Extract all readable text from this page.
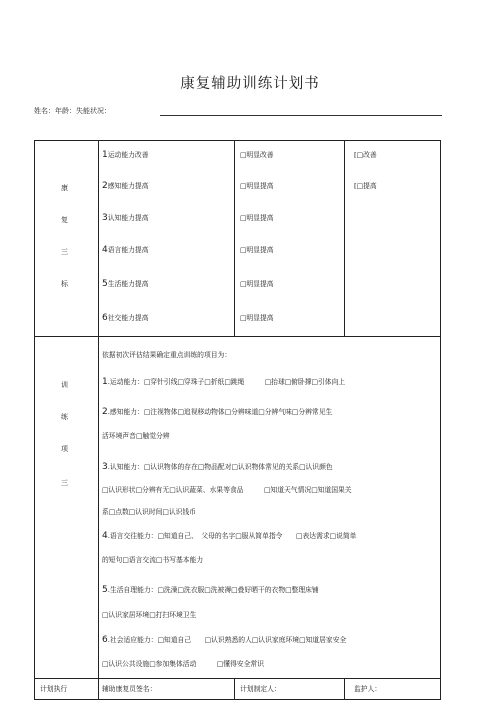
康复辅助训练计划书
姓名：年龄：失能状况：
康
复
三
标
1运动能力改善	□明显改善	[□改善
2感知能力提高	□明显提高	[□提高
3认知能力提高	□明显提高
4语言能力提高	□明显提高
5生活能力提高	□明显提高
6社交能力提高	□明显提高
训
练
项
三
依据初次评估结果确定重点训练的项目为：
1.运动能力：□穿针引线□穿珠子□折纸□跳绳　　　□抬球□俯卧撑□引体向上
2.感知能力：□注视物体□追视移动物体□分辨味道□分辨气味□分辨常见生
活环境声音□触觉分辨
3.认知能力：□认识物体的存在□物品配对□认识物体常见的关系□认识颜色
□认识形状□分辨有无□认识蔬菜、水果等食品　　　□知道天气情况□知道国果关
系□点数□认识时间□认识钱币
4.语言交往能力：□知道自己、　父母的名字□服从简单指令　　□表达需求□说简单
的短句□语言交流□书写基本能力
5.生活自理能力：□洗澡□洗衣服□洗被褥□叠好晒干的衣物□整理床铺
□认识家居环境□打扫环境卫生
6.社会适应能力：□知道自己　　□认识熟悉的人□认识家庭环境□知道居家安全
□认识公共设施□参加集体活动　　　□懂得安全常识
计划执行	辅助康复员签名：	计划制定人：	监护人：
